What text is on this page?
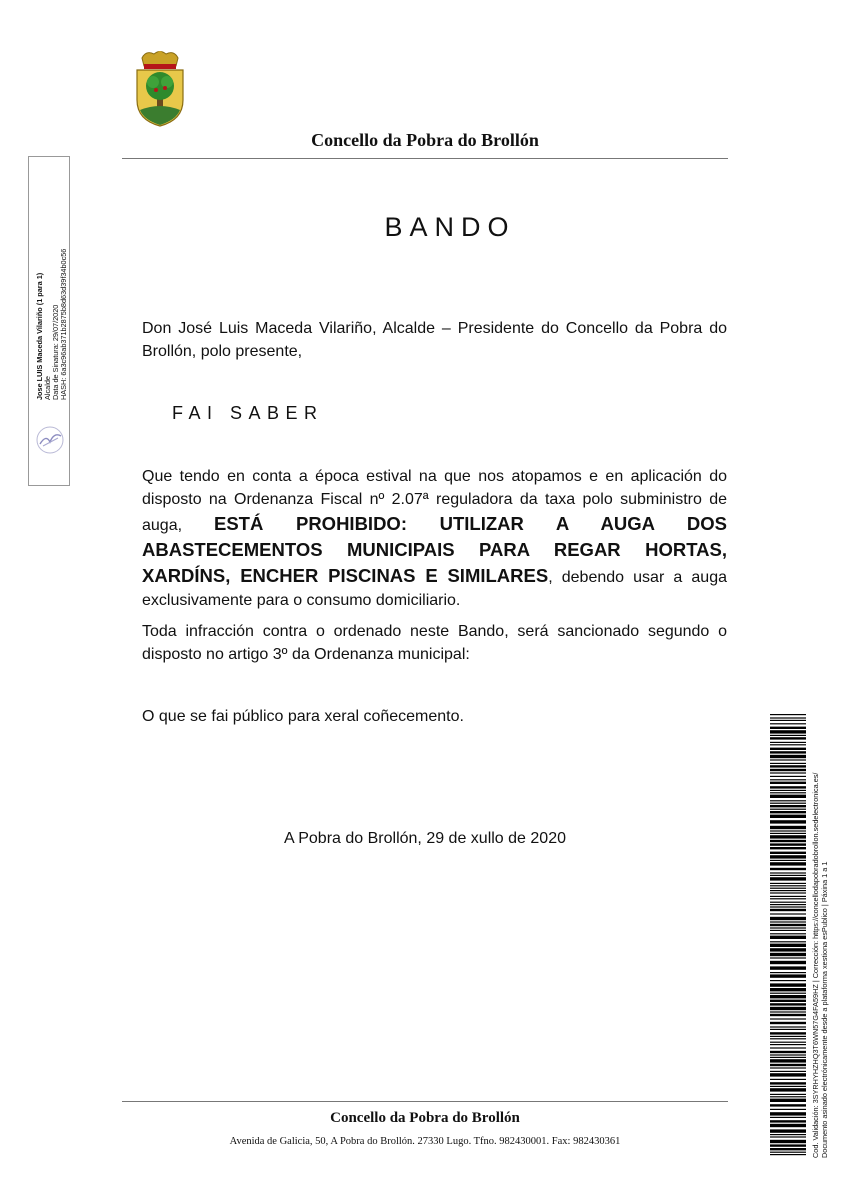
Concello da Pobra do Brollón
Jose LUIS Maceda Vilariño (1 para 1) Alcalde Data de Sinatura: 29/07/2020 HASH: 6a3c96ab371b2875b8d63d39f34b0c56
BANDO
Don José Luis Maceda Vilariño, Alcalde – Presidente do Concello da Pobra do Brollón, polo presente,
FAI SABER
Que tendo en conta a época estival na que nos atopamos e en aplicación do disposto na Ordenanza Fiscal nº 2.07ª reguladora da taxa polo subministro de auga, ESTÁ PROHIBIDO: UTILIZAR A AUGA DOS ABASTECEMENTOS MUNICIPAIS PARA REGAR HORTAS, XARDÍNS, ENCHER PISCINAS E SIMILARES, debendo usar a auga exclusivamente para o consumo domiciliario.
Toda infracción contra o ordenado neste Bando, será sancionado segundo o disposto no artigo 3º da Ordenanza municipal:
O que se fai público para xeral coñecemento.
A Pobra do Brollón, 29 de xullo de 2020
Concello da Pobra do Brollón
Avenida de Galicia, 50, A Pobra do Brollón. 27330 Lugo. Tfno. 982430001. Fax: 982430361	Cod. Validación: 3SYRHYHZHQ3T6WN57G4FA59HZ | Corrección: https://concellodapobradobrollon.sedelectronica.es/ Documento asinado electrónicamente desde a plataforma xestiona esPublico | Páxina 1 a 1
